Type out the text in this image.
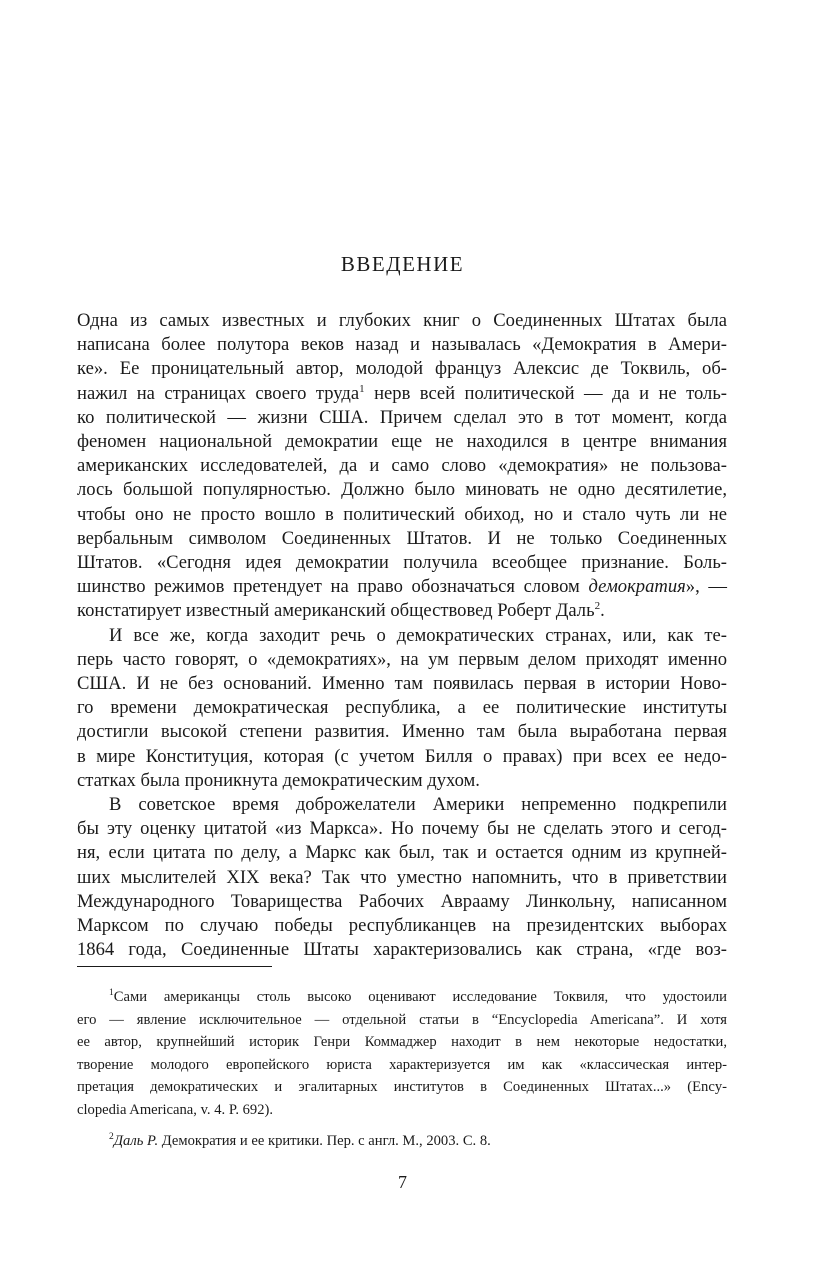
ВВЕДЕНИЕ

Одна из самых известных и глубоких книг о Соединенных Штатах была
написана более полутора веков назад и называлась «Демократия в Амери-
ке». Ее проницательный автор, молодой француз Алексис де Токвиль, об-
нажил на страницах своего труда$^1$ нерв всей политической — да и не толь-
ко политической — жизни США. Причем сделал это в тот момент, когда
феномен национальной демократии еще не находился в центре внимания
американских исследователей, да и само слово «демократия» не пользова-
лось большой популярностью. Должно было миновать не одно десятилетие,
чтобы оно не просто вошло в политический обиход, но и стало чуть ли не
вербальным символом Соединенных Штатов. И не только Соединенных
Штатов. «Сегодня идея демократии получила всеобщее признание. Боль-
шинство режимов претендует на право обозначаться словом демократия», —
констатирует известный американский обществовед Роберт Даль$^2$.

И все же, когда заходит речь о демократических странах, или, как те-
перь часто говорят, о «демократиях», на ум первым делом приходят именно
США. И не без оснований. Именно там появилась первая в истории Ново-
го времени демократическая республика, а ее политические институты
достигли высокой степени развития. Именно там была выработана первая
в мире Конституция, которая (с учетом Билля о правах) при всех ее недо-
статках была проникнута демократическим духом.

В советское время доброжелатели Америки непременно подкрепили
бы эту оценку цитатой «из Маркса». Но почему бы не сделать этого и сегод-
ня, если цитата по делу, а Маркс как был, так и остается одним из крупней-
ших мыслителей XIX века? Так что уместно напомнить, что в приветствии
Международного Товарищества Рабочих Аврааму Линкольну, написанном
Марксом по случаю победы республиканцев на президентских выборах
1864 года, Соединенные Штаты характеризовались как страна, «где воз-

$^1$Сами американцы столь высоко оценивают исследование Токвиля, что удостоили
его — явление исключительное — отдельной статьи в “Encyclopedia Americana”. И хотя
ее автор, крупнейший историк Генри Коммаджер находит в нем некоторые недостатки,
творение молодого европейского юриста характеризуется им как «классическая интер-
претация демократических и эгалитарных институтов в Соединенных Штатах...» (Ency-
clopedia Americana, v. 4. P. 692).
$^2$Даль Р. Демократия и ее критики. Пер. с англ. М., 2003. С. 8.
7
